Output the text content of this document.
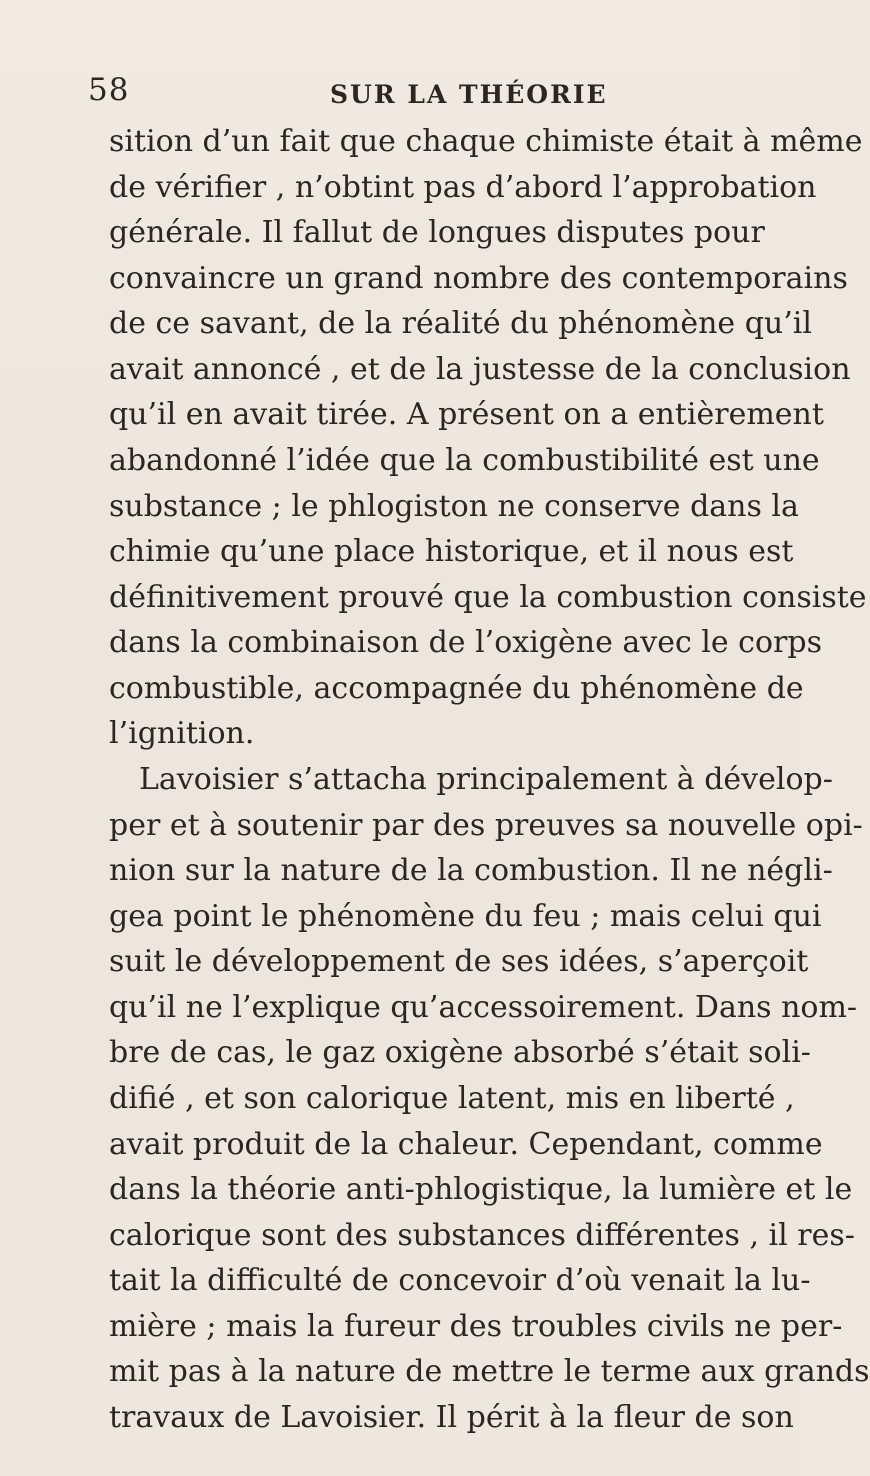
58	SUR LA THÉORIE
sition d’un fait que chaque chimiste était à même
de vérifier , n’obtint pas d’abord l’approbation
générale. Il fallut de longues disputes pour
convaincre un grand nombre des contemporains
de ce savant, de la réalité du phénomène qu’il
avait annoncé , et de la justesse de la conclusion
qu’il en avait tirée. A présent on a entièrement
abandonné l’idée que la combustibilité est une
substance ; le phlogiston ne conserve dans la
chimie qu’une place historique, et il nous est
définitivement prouvé que la combustion consiste
dans la combinaison de l’oxigène avec le corps
combustible, accompagnée du phénomène de
l’ignition.
Lavoisier s’attacha principalement à dévelop-
per et à soutenir par des preuves sa nouvelle opi-
nion sur la nature de la combustion. Il ne négli-
gea point le phénomène du feu ; mais celui qui
suit le développement de ses idées, s’aperçoit
qu’il ne l’explique qu’accessoirement. Dans nom-
bre de cas, le gaz oxigène absorbé s’était soli-
difié , et son calorique latent, mis en liberté ,
avait produit de la chaleur. Cependant, comme
dans la théorie anti-phlogistique, la lumière et le
calorique sont des substances différentes , il res-
tait la difficulté de concevoir d’où venait la lu-
mière ; mais la fureur des troubles civils ne per-
mit pas à la nature de mettre le terme aux grands
travaux de Lavoisier. Il périt à la fleur de son
